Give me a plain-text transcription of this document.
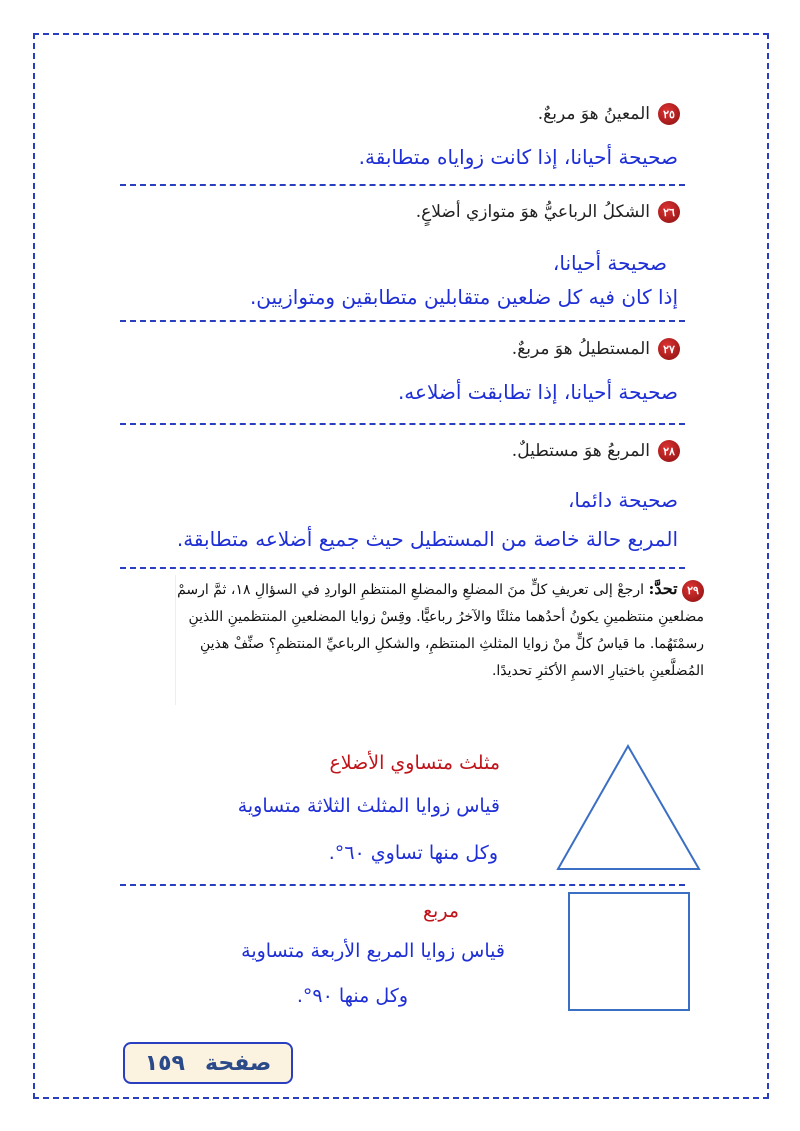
٢٥
المعينُ هوَ مربعٌ.
صحيحة أحيانا، إذا كانت زواياه متطابقة.
٢٦
الشكلُ الرباعيُّ هوَ متوازي أضلاعٍ.
صحيحة أحيانا،
إذا كان فيه كل ضلعين متقابلين متطابقين ومتوازيين.
٢٧
المستطيلُ هوَ مربعٌ.
صحيحة أحيانا، إذا تطابقت أضلاعه.
٢٨
المربعُ هوَ مستطيلٌ.
صحيحة دائما،
المربع حالة خاصة من المستطيل حيث جميع أضلاعه متطابقة.
٢٩ تحدَّ: ارجعْ إلى تعريفِ كلٍّ منَ المضلعِ والمضلعِ المنتظمِ الواردِ في السؤالِ ١٨، ثمَّ ارسمْ مضلعينِ منتظمينِ يكونُ أحدُهما مثلثًا والآخرُ رباعيًّا. وقِسْ زوايا المضلعينِ المنتظمينِ اللذينِ رسمْتَهُما. ما قياسُ كلٍّ منْ زوايا المثلثِ المنتظمِ، والشكلِ الرباعيِّ المنتظمِ؟ صنِّفْ هذينِ المُضلَّعينِ باختيارِ الاسمِ الأكثرِ تحديدًا.
مثلث متساوي الأضلاع
قياس زوايا المثلث الثلاثة متساوية
وكل منها تساوي ٦٠°.
مربع
قياس زوايا المربع الأربعة متساوية
وكل منها ٩٠°.
صفحة
١٥٩
